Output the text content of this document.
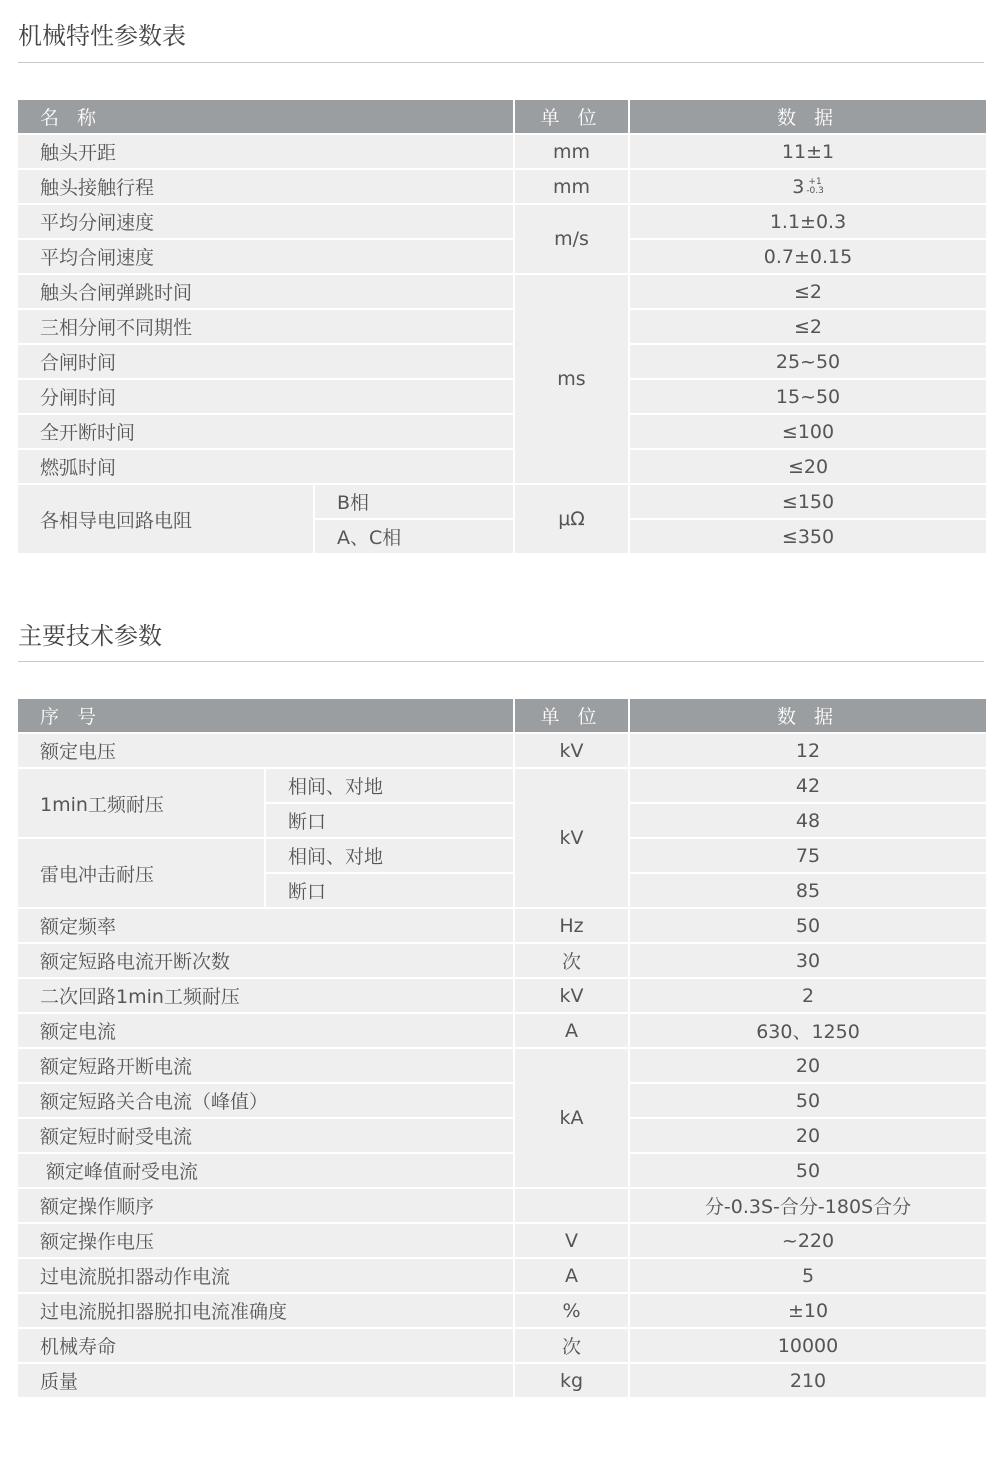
机械特性参数表
名 称		单 位	数 据
触头开距		mm	11±1
触头接触行程		mm	3 +1
-0.3

平均分闸速度		m/s	1.1±0.3
平均合闸速度			0.7±0.15
触头合闸弹跳时间		ms	≤2
三相分闸不同期性			≤2
合闸时间			25~50
分闸时间			15~50
全开断时间			≤100
燃弧时间			≤20
各相导电回路电阻	B相	μΩ	≤150
	A、C相		≤350
主要技术参数
序 号		单 位	数 据
额定电压		kV	12
1min工频耐压	相间、对地	kV	42
	断口		48
雷电冲击耐压	相间、对地		75
	断口		85
额定频率		Hz	50
额定短路电流开断次数		次	30
二次回路1min工频耐压		kV	2
额定电流		A	630、1250
额定短路开断电流		kA	20
额定短路关合电流（峰值）			50
额定短时耐受电流			20
额定峰值耐受电流			50
额定操作顺序			分-0.3S-合分-180S合分
额定操作电压		V	~220
过电流脱扣器动作电流		A	5
过电流脱扣器脱扣电流准确度		%	±10
机械寿命		次	10000
质量		kg	210
